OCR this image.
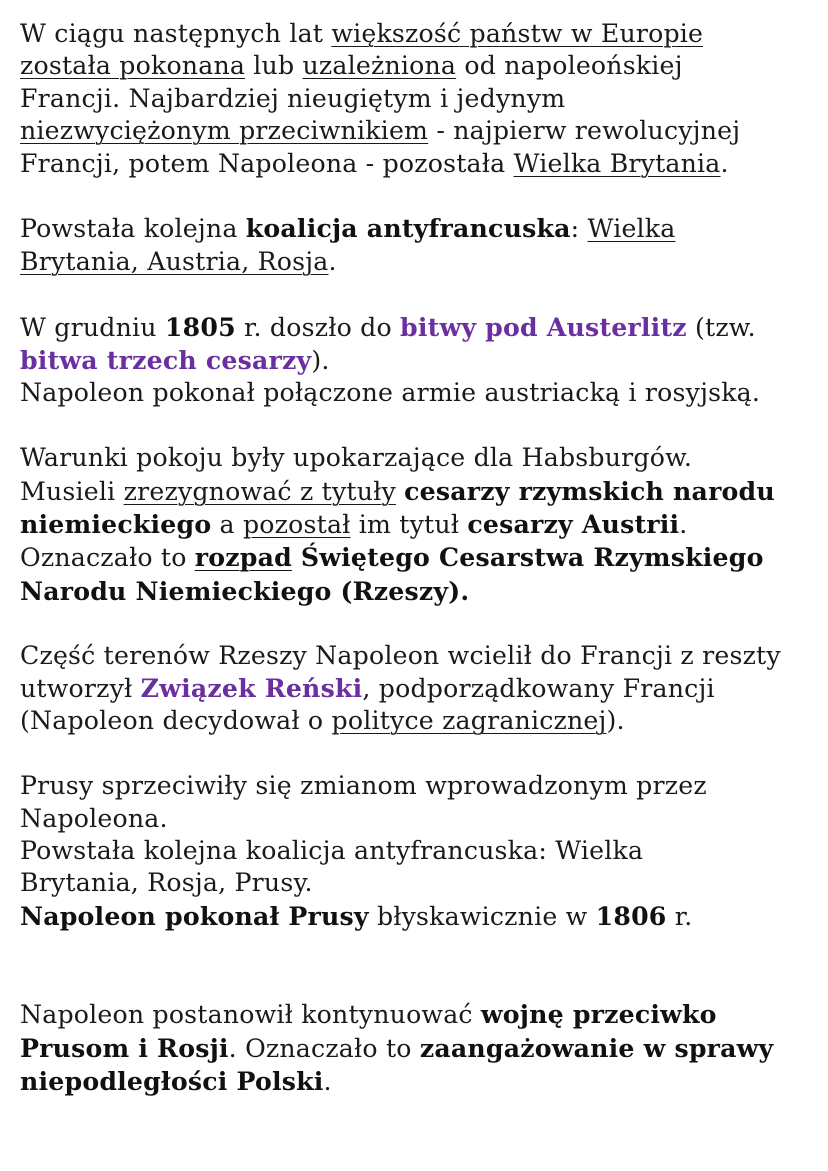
W ciągu następnych lat większość państw w Europie
została pokonana lub uzależniona od napoleońskiej
Francji. Najbardziej nieugiętym i jedynym
niezwyciężonym przeciwnikiem - najpierw rewolucyjnej
Francji, potem Napoleona - pozostała Wielka Brytania.
Powstała kolejna koalicja antyfrancuska: Wielka
Brytania, Austria, Rosja.
W grudniu 1805 r. doszło do bitwy pod Austerlitz (tzw.
bitwa trzech cesarzy).
Napoleon pokonał połączone armie austriacką i rosyjską.
Warunki pokoju były upokarzające dla Habsburgów.
Musieli zrezygnować z tytuły cesarzy rzymskich narodu
niemieckiego a pozostał im tytuł cesarzy Austrii.
Oznaczało to rozpad Świętego Cesarstwa Rzymskiego
Narodu Niemieckiego (Rzeszy).
Część terenów Rzeszy Napoleon wcielił do Francji z reszty
utworzył Związek Reński, podporządkowany Francji
(Napoleon decydował o polityce zagranicznej).
Prusy sprzeciwiły się zmianom wprowadzonym przez
Napoleona.
Powstała kolejna koalicja antyfrancuska: Wielka
Brytania, Rosja, Prusy.
Napoleon pokonał Prusy błyskawicznie w 1806 r.
Napoleon postanowił kontynuować wojnę przeciwko
Prusom i Rosji. Oznaczało to zaangażowanie w sprawy
niepodległości Polski.
